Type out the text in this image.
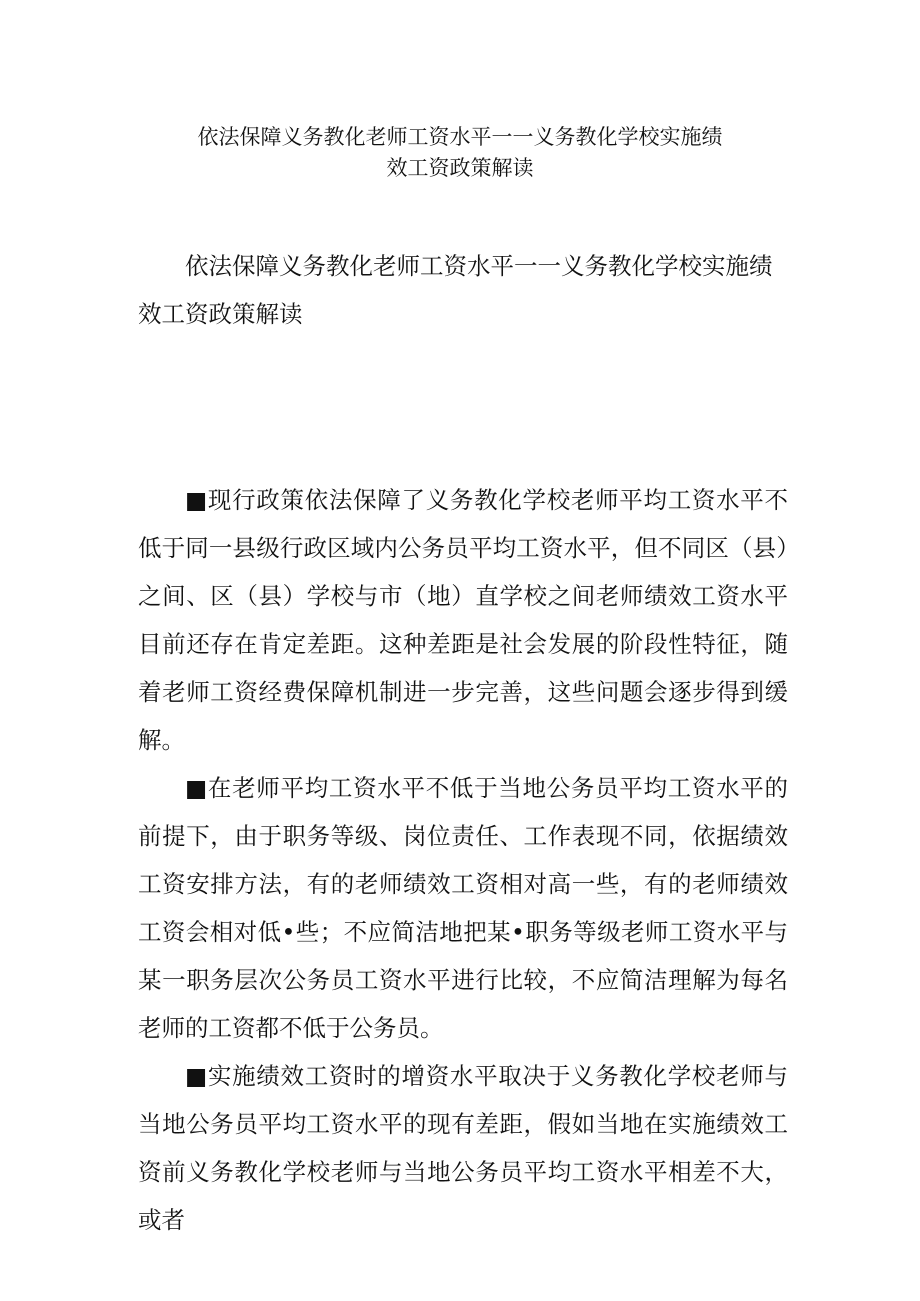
依法保障义务教化老师工资水平一一义务教化学校实施绩
效工资政策解读
依法保障义务教化老师工资水平一一义务教化学校实施绩
效工资政策解读

■现行政策依法保障了义务教化学校老师平均工资水平不低于同一县级行政区域内公务员平均工资水平，但不同区（县）之间、区（县）学校与市（地）直学校之间老师绩效工资水平目前还存在肯定差距。这种差距是社会发展的阶段性特征，随着老师工资经费保障机制进一步完善，这些问题会逐步得到缓解。

■在老师平均工资水平不低于当地公务员平均工资水平的前提下，由于职务等级、岗位责任、工作表现不同，依据绩效工资安排方法，有的老师绩效工资相对高一些，有的老师绩效工资会相对低•些；不应简洁地把某•职务等级老师工资水平与某一职务层次公务员工资水平进行比较，不应简洁理解为每名老师的工资都不低于公务员。

■实施绩效工资时的增资水平取决于义务教化学校老师与当地公务员平均工资水平的现有差距，假如当地在实施绩效工资前义务教化学校老师与当地公务员平均工资水平相差不大，或者
